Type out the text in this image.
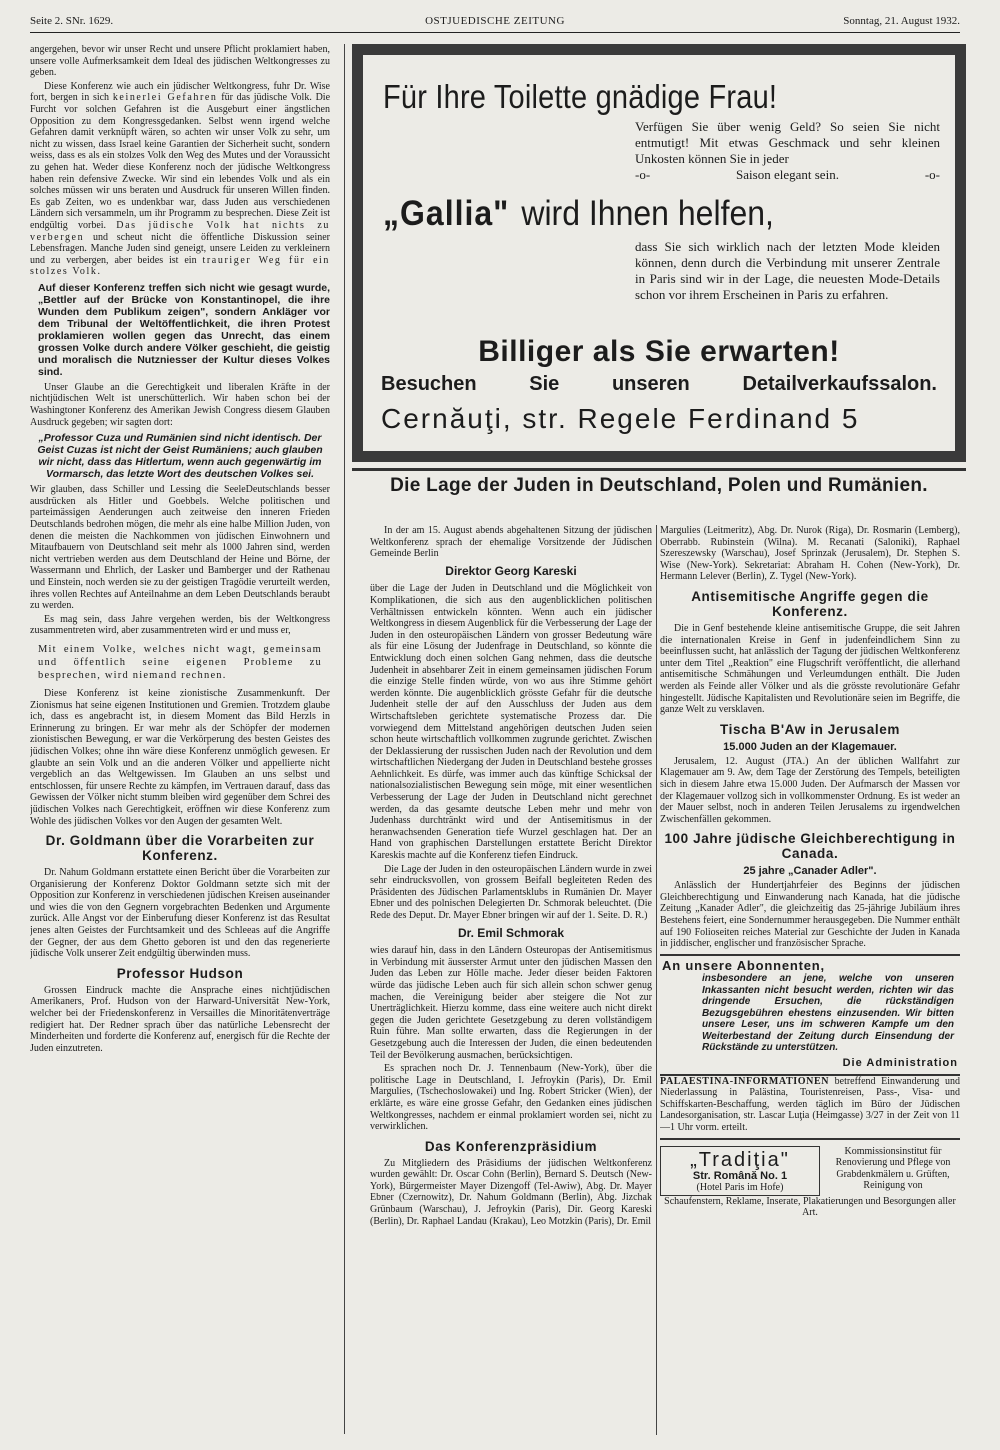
Seite 2. SNr. 1629.	OSTJUEDISCHE ZEITUNG	Sonntag, 21. August 1932.

angergehen, bevor wir unser Recht und unsere Pflicht proklamiert haben, unsere volle Aufmerksamkeit dem Ideal des jüdischen Weltkongresses zu geben.

Diese Konferenz wie auch ein jüdischer Weltkongress, fuhr Dr. Wise fort, bergen in sich keinerlei Gefahren für das jüdische Volk. Die Furcht vor solchen Gefahren ist die Ausgeburt einer ängstlichen Opposition zu dem Kongressgedanken. Selbst wenn irgend welche Gefahren damit verknüpft wären, so achten wir unser Volk zu sehr, um nicht zu wissen, dass Israel keine Garantien der Sicherheit sucht, sondern weiss, dass es als ein stolzes Volk den Weg des Mutes und der Voraussicht zu gehen hat. Weder diese Konferenz noch der jüdische Weltkongress haben rein defensive Zwecke. Wir sind ein lebendes Volk und als ein solches müssen wir uns beraten und Ausdruck für unseren Willen finden. Es gab Zeiten, wo es undenkbar war, dass Juden aus verschiedenen Ländern sich versammeln, um ihr Programm zu besprechen. Diese Zeit ist endgültig vorbei. Das jüdische Volk hat nichts zu verbergen und scheut nicht die öffentliche Diskussion seiner Lebensfragen. Manche Juden sind geneigt, unsere Leiden zu verkleinern und zu verbergen, aber beides ist ein trauriger Weg für ein stolzes Volk.

Auf dieser Konferenz treffen sich nicht wie gesagt wurde, „Bettler auf der Brücke von Konstantinopel, die ihre Wunden dem Publikum zeigen", sondern Ankläger vor dem Tribunal der Weltöffentlichkeit, die ihren Protest proklamieren wollen gegen das Unrecht, das einem grossen Volke durch andere Völker geschieht, die geistig und moralisch die Nutzniesser der Kultur dieses Volkes sind.

Unser Glaube an die Gerechtigkeit und liberalen Kräfte in der nichtjüdischen Welt ist unerschütterlich. Wir haben schon bei der Washingtoner Konferenz des Amerikan Jewish Congress diesem Glauben Ausdruck gegeben; wir sagten dort:

„Professor Cuza und Rumänien sind nicht identisch. Der Geist Cuzas ist nicht der Geist Rumäniens; auch glauben wir nicht, dass das Hitlertum, wenn auch gegenwärtig im Vormarsch, das letzte Wort des deutschen Volkes sei.

Wir glauben, dass Schiller und Lessing die SeeleDeutschlands besser ausdrücken als Hitler und Goebbels. Welche politischen und parteimässigen Aenderungen auch zeitweise den inneren Frieden Deutschlands bedrohen mögen, die mehr als eine halbe Million Juden, von denen die meisten die Nachkommen von jüdischen Einwohnern und Mitaufbauern von Deutschland seit mehr als 1000 Jahren sind, werden nicht vertrieben werden aus dem Deutschland der Heine und Börne, der Wassermann und Ehrlich, der Lasker und Bamberger und der Rathenau und Einstein, noch werden sie zu der geistigen Tragödie verurteilt werden, ihres vollen Rechtes auf Anteilnahme an dem Leben Deutschlands beraubt zu werden.

Es mag sein, dass Jahre vergehen werden, bis der Weltkongress zusammentreten wird, aber zusammentreten wird er und muss er,

Mit einem Volke, welches nicht wagt, gemeinsam und öffentlich seine eigenen Probleme zu besprechen, wird niemand rechnen.

Diese Konferenz ist keine zionistische Zusammenkunft. Der Zionismus hat seine eigenen Institutionen und Gremien. Trotzdem glaube ich, dass es angebracht ist, in diesem Moment das Bild Herzls in Erinnerung zu bringen. Er war mehr als der Schöpfer der modernen zionistischen Bewegung, er war die Verkörperung des besten Geistes des jüdischen Volkes; ohne ihn wäre diese Konferenz unmöglich gewesen. Er glaubte an sein Volk und an die anderen Völker und appellierte nicht vergeblich an das Weltgewissen. Im Glauben an uns selbst und entschlossen, für unsere Rechte zu kämpfen, im Vertrauen darauf, dass das Gewissen der Völker nicht stumm bleiben wird gegenüber dem Schrei des jüdischen Volkes nach Gerechtigkeit, eröffnen wir diese Konferenz zum Wohle des jüdischen Volkes vor den Augen der gesamten Welt.

Dr. Goldmann über die Vorarbeiten zur Konferenz.

Dr. Nahum Goldmann erstattete einen Bericht über die Vorarbeiten zur Organisierung der Konferenz Doktor Goldmann setzte sich mit der Opposition zur Konferenz in verschiedenen jüdischen Kreisen auseinander und wies die von den Gegnern vorgebrachten Bedenken und Argumente zurück. Alle Angst vor der Einberufung dieser Konferenz ist das Resultat jenes alten Geistes der Furchtsamkeit und des Schleeas auf die Angriffe der Gegner, der aus dem Ghetto geboren ist und den das regenerierte jüdische Volk unserer Zeit endgültig überwinden muss.

Professor Hudson

Grossen Eindruck machte die Ansprache eines nichtjüdischen Amerikaners, Prof. Hudson von der Harward-Universität New-York, welcher bei der Friedenskonferenz in Versailles die Minoritätenverträge redigiert hat. Der Redner sprach über das natürliche Lebensrecht der Minderheiten und forderte die Konferenz auf, energisch für die Rechte der Juden einzutreten.

Für Ihre Toilette gnädige Frau!
Verfügen Sie über wenig Geld? So seien Sie nicht entmutigt! Mit etwas Geschmack und sehr kleinen Unkosten können Sie in jeder
-o-	Saison elegant sein.	-o-
„Gallia" wird Ihnen helfen,
dass Sie sich wirklich nach der letzten Mode kleiden können, denn durch die Verbindung mit unserer Zentrale in Paris sind wir in der Lage, die neuesten Mode-Details schon vor ihrem Erscheinen in Paris zu erfahren.
Billiger als Sie erwarten!
Besuchen	Sie	unseren	Detailverkaufssalon.
Cernăuţi, str. Regele Ferdinand 5
Die Lage der Juden in Deutschland, Polen und Rumänien.

In der am 15. August abends abgehaltenen Sitzung der jüdischen Weltkonferenz sprach der ehemalige Vorsitzende der Jüdischen Gemeinde Berlin

Direktor Georg Kareski

über die Lage der Juden in Deutschland und die Möglichkeit von Komplikationen, die sich aus den augenblicklichen politischen Verhältnissen entwickeln könnten. Wenn auch ein jüdischer Weltkongress in diesem Augenblick für die Verbesserung der Lage der Juden in den osteuropäischen Ländern von grosser Bedeutung wäre als für eine Lösung der Judenfrage in Deutschland, so könnte die Entwicklung doch einen solchen Gang nehmen, dass die deutsche Judenheit in absehbarer Zeit in einem gemeinsamen jüdischen Forum die einzige Stelle finden würde, von wo aus ihre Stimme gehört werden könnte. Die augenblicklich grösste Gefahr für die deutsche Judenheit stelle der auf den Ausschluss der Juden aus dem Wirtschaftsleben gerichtete systematische Prozess dar. Die vorwiegend dem Mittelstand angehörigen deutschen Juden seien schon heute wirtschaftlich vollkommen zugrunde gerichtet. Zwischen der Deklassierung der russischen Juden nach der Revolution und dem wirtschaftlichen Niedergang der Juden in Deutschland bestehe grosses Aehnlichkeit. Es dürfe, was immer auch das künftige Schicksal der nationalsozialistischen Bewegung sein möge, mit einer wesentlichen Verbesserung der Lage der Juden in Deutschland nicht gerechnet werden, da das gesamte deutsche Leben mehr und mehr von Judenhass durchtränkt wird und der Antisemitismus in der heranwachsenden Generation tiefe Wurzel geschlagen hat. Der an Hand von graphischen Darstellungen erstattete Bericht Direktor Kareskis machte auf die Konferenz tiefen Eindruck.

Die Lage der Juden in den osteuropäischen Ländern wurde in zwei sehr eindrucksvollen, von grossem Beifall begleiteten Reden des Präsidenten des Jüdischen Parlamentsklubs in Rumänien Dr. Mayer Ebner und des polnischen Delegierten Dr. Schmorak beleuchtet. (Die Rede des Deput. Dr. Mayer Ebner bringen wir auf der 1. Seite. D. R.)

Dr. Emil Schmorak

wies darauf hin, dass in den Ländern Osteuropas der Antisemitismus in Verbindung mit äusserster Armut unter den jüdischen Massen den Juden das Leben zur Hölle mache. Jeder dieser beiden Faktoren würde das jüdische Leben auch für sich allein schon schwer genug machen, die Vereinigung beider aber steigere die Not zur Unerträglichkeit. Hierzu komme, dass eine weitere auch nicht direkt gegen die Juden gerichtete Gesetzgebung zu deren vollständigem Ruin führe. Man sollte erwarten, dass die Regierungen in der Gesetzgebung auch die Interessen der Juden, die einen bedeutenden Teil der Bevölkerung ausmachen, berücksichtigen.

Es sprachen noch Dr. J. Tennenbaum (New-York), über die politische Lage in Deutschland, I. Jefroykin (Paris), Dr. Emil Margulies, (Tschechoslowakei) und Ing. Robert Stricker (Wien), der erklärte, es wäre eine grosse Gefahr, den Gedanken eines jüdischen Weltkongresses, nachdem er einmal proklamiert worden sei, nicht zu verwirklichen.

Das Konferenzpräsidium

Zu Mitgliedern des Präsidiums der jüdischen Weltkonferenz wurden gewählt: Dr. Oscar Cohn (Berlin), Bernard S. Deutsch (New-York), Bürgermeister Mayer Dizengoff (Tel-Awiw), Abg. Dr. Mayer Ebner (Czernowitz), Dr. Nahum Goldmann (Berlin), Abg. Jizchak Grünbaum (Warschau), J. Jefroykin (Paris), Dir. Georg Kareski (Berlin), Dr. Raphael Landau (Krakau), Leo Motzkin (Paris), Dr. Emil

Margulies (Leitmeritz), Abg. Dr. Nurok (Riga), Dr. Rosmarin (Lemberg), Oberrabb. Rubinstein (Wilna). M. Recanati (Saloniki), Raphael Szereszewsky (Warschau), Josef Sprinzak (Jerusalem), Dr. Stephen S. Wise (New-York). Sekretariat: Abraham H. Cohen (New-York), Dr. Hermann Lelever (Berlin), Z. Tygel (New-York).

Antisemitische Angriffe gegen die Konferenz.

Die in Genf bestehende kleine antisemitische Gruppe, die seit Jahren die internationalen Kreise in Genf in judenfeindlichem Sinn zu beeinflussen sucht, hat anlässlich der Tagung der jüdischen Weltkonferenz unter dem Titel „Reaktion" eine Flugschrift veröffentlicht, die allerhand antisemitische Schmähungen und Verleumdungen enthält. Die Juden werden als Feinde aller Völker und als die grösste revolutionäre Gefahr hingestellt. Jüdische Kapitalisten und Revolutionäre seien im Begriffe, die ganze Welt zu versklaven.

Tischa B'Aw in Jerusalem
15.000 Juden an der Klagemauer.

Jerusalem, 12. August (JTA.) An der üblichen Wallfahrt zur Klagemauer am 9. Aw, dem Tage der Zerstörung des Tempels, beteiligten sich in diesem Jahre etwa 15.000 Juden. Der Aufmarsch der Massen vor der Klagemauer vollzog sich in vollkommenster Ordnung. Es ist weder an der Mauer selbst, noch in anderen Teilen Jerusalems zu irgendwelchen Zwischenfällen gekommen.

100 Jahre jüdische Gleichberechtigung in Canada.
25 jahre „Canader Adler".

Anlässlich der Hundertjahrfeier des Beginns der jüdischen Gleichberechtigung und Einwanderung nach Kanada, hat die jüdische Zeitung „Kanader Adler", die gleichzeitig das 25-jährige Jubiläum ihres Bestehens feiert, eine Sondernummer herausgegeben. Die Nummer enthält auf 190 Folioseiten reiches Material zur Geschichte der Juden in Kanada in jiddischer, englischer und französischer Sprache.

An unsere Abonnenten,

insbesondere an jene, welche von unseren Inkassanten nicht besucht werden, richten wir das dringende Ersuchen, die rückständigen Bezugsgebühren ehestens einzusenden. Wir bitten unsere Leser, uns im schweren Kampfe um den Weiterbestand der Zeitung durch Einsendung der Rückstände zu unterstützen.

Die Administration

PALAESTINA-INFORMATIONEN betreffend Einwanderung und Niederlassung in Palästina, Touristenreisen, Pass-, Visa- und Schiffskarten-Beschaffung, werden täglich im Büro der Jüdischen Landesorganisation, str. Lascar Luţia (Heimgasse) 3/27 in der Zeit von 11—1 Uhr vorm. erteilt.

„Tradiţia"
Str. Română No. 1
(Hotel Paris im Hofe)
Kommissionsinstitut für Renovierung und Pflege von Grabdenkmälern u. Grüften, Reinigung von
Schaufenstern, Reklame, Inserate, Plakatierungen und Besorgungen aller Art.
